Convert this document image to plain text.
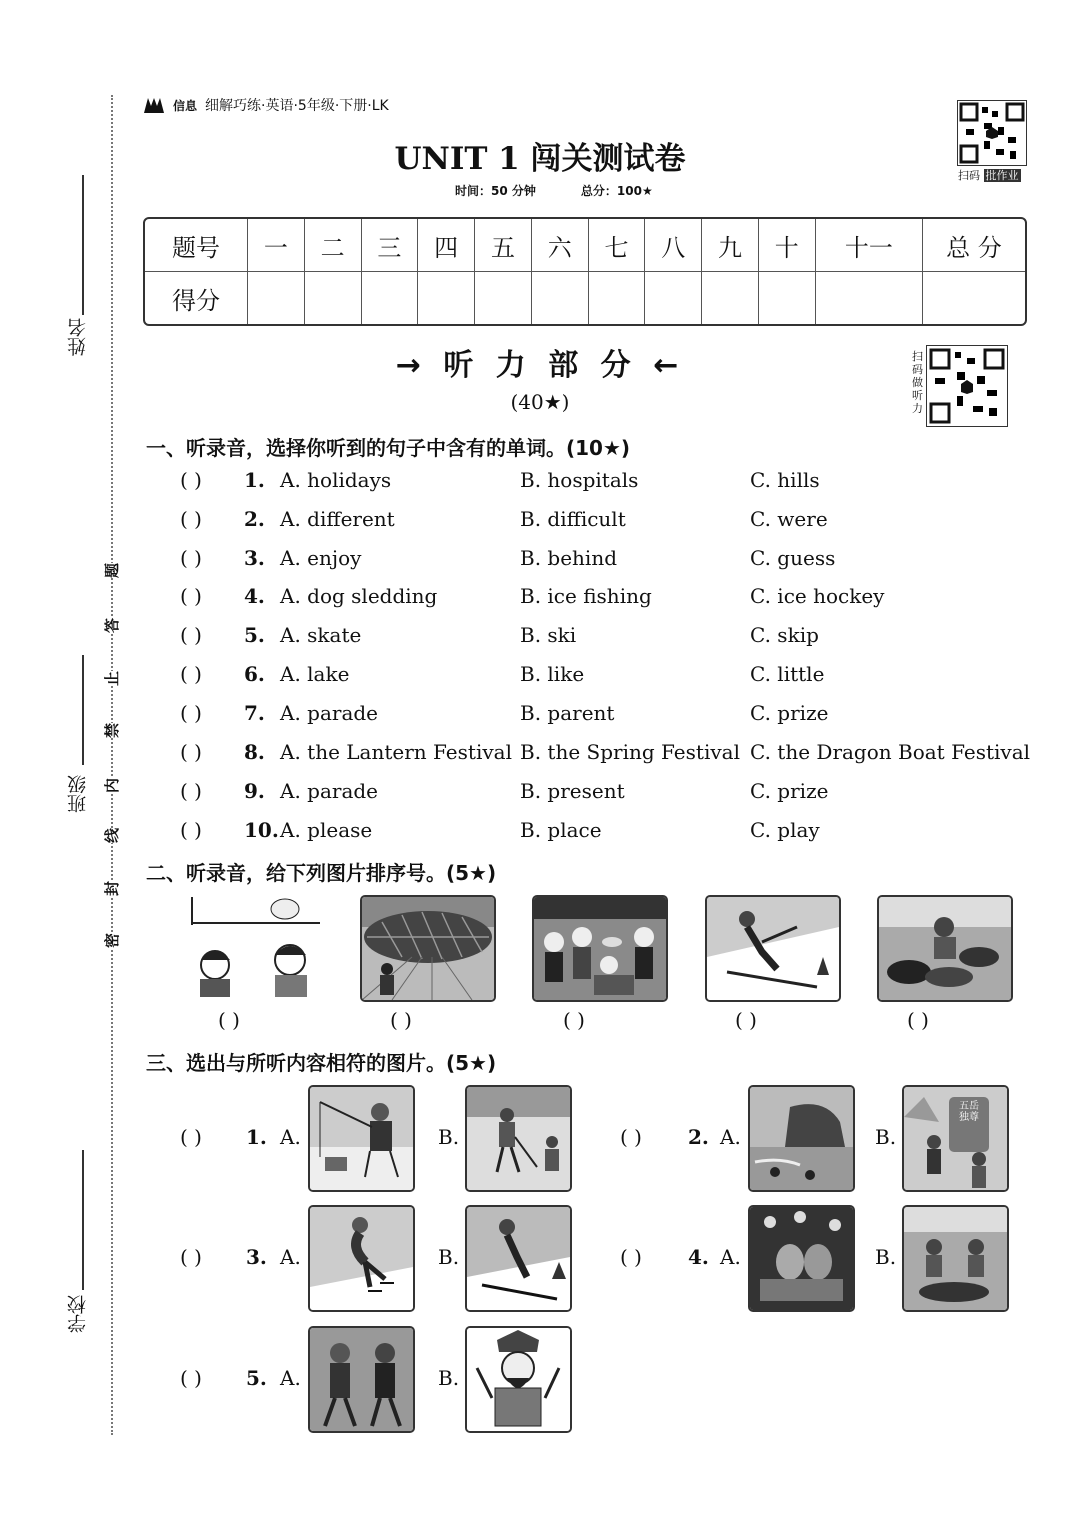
姓名
班级
学校
密
封
线
内
禁
止
答
题
信息 细解巧练·英语·5年级·下册·LK
UNIT 1 闯关测试卷
时间：50 分钟	总分：100★
扫码 批作业
扫码做听力
题号	一	二	三	四	五	六	七	八	九	十	十一	总 分
得分												
→ 听 力 部 分 ←
(40★)
一、听录音，选择你听到的句子中含有的单词。(10★)
( ) 1. A. holidays	B. hospitals	C. hills
( ) 2. A. different	B. difficult	C. were
( ) 3. A. enjoy	B. behind	C. guess
( ) 4. A. dog sledding	B. ice fishing	C. ice hockey
( ) 5. A. skate	B. ski	C. skip
( ) 6. A. lake	B. like	C. little
( ) 7. A. parade	B. parent	C. prize
( ) 8. A. the Lantern Festival B. the Spring Festival C. the Dragon Boat Festival
( ) 9. A. parade	B. present	C. prize
( ) 10. A. please	B. place	C. play
二、听录音，给下列图片排序号。(5★)
( )	( )	( )	( )	( )
三、选出与所听内容相符的图片。(5★)
( ) 1. A.	B.	( ) 2. A.	B.
五岳独尊
( ) 3. A.	B.	( ) 4. A.	B.
( ) 5. A.	B.
